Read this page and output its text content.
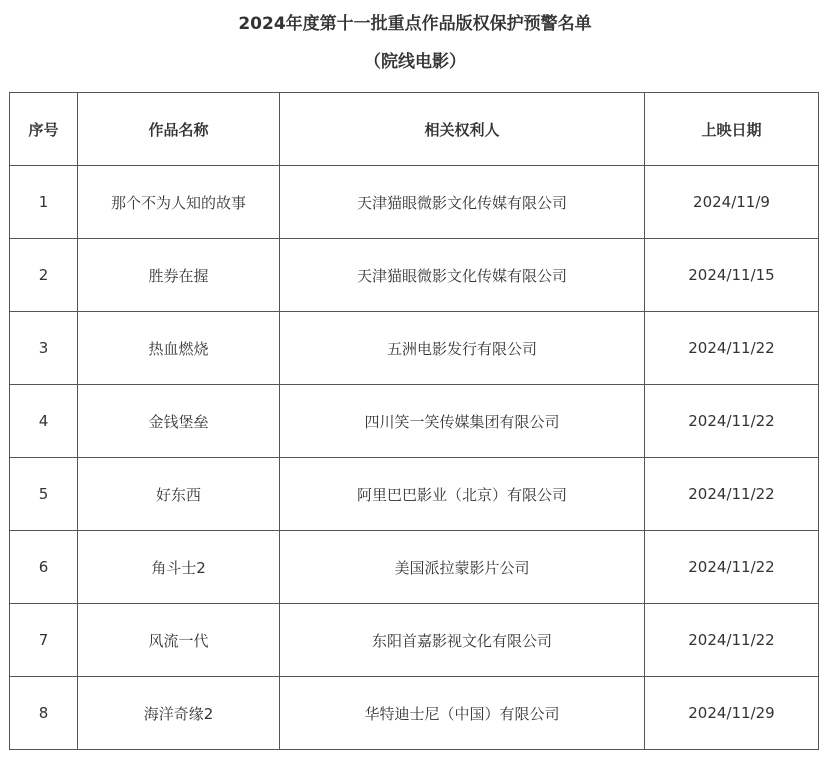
2024年度第十一批重点作品版权保护预警名单
（院线电影）
序号	作品名称	相关权利人	上映日期
1	那个不为人知的故事	天津猫眼微影文化传媒有限公司	2024/11/9
2	胜券在握	天津猫眼微影文化传媒有限公司	2024/11/15
3	热血燃烧	五洲电影发行有限公司	2024/11/22
4	金钱堡垒	四川笑一笑传媒集团有限公司	2024/11/22
5	好东西	阿里巴巴影业（北京）有限公司	2024/11/22
6	角斗士2	美国派拉蒙影片公司	2024/11/22
7	风流一代	东阳首嘉影视文化有限公司	2024/11/22
8	海洋奇缘2	华特迪士尼（中国）有限公司	2024/11/29
